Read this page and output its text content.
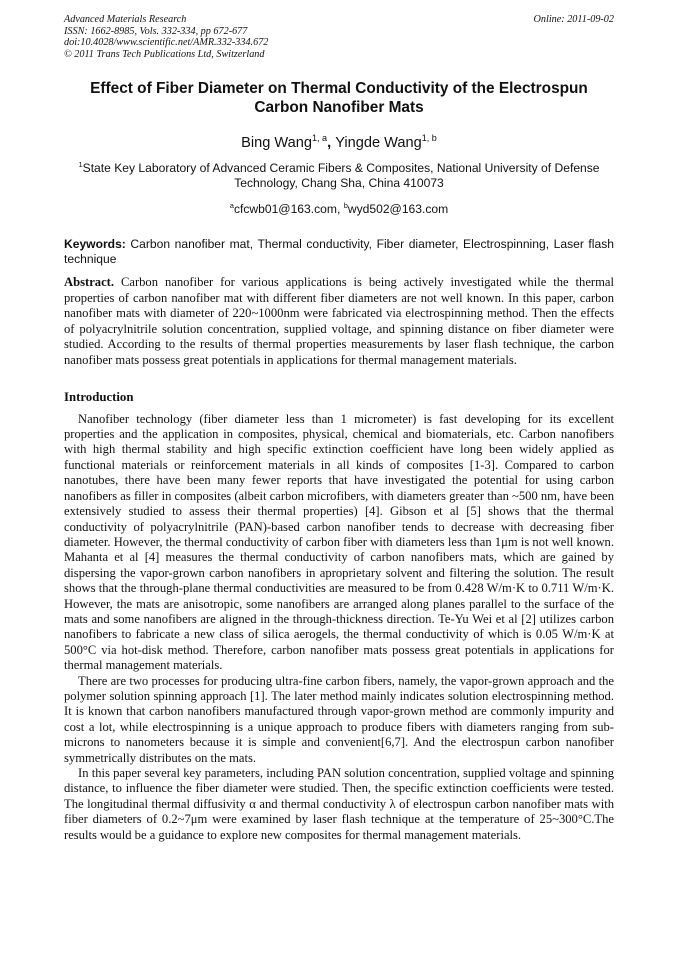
Advanced Materials Research
ISSN: 1662-8985, Vols. 332-334, pp 672-677
doi:10.4028/www.scientific.net/AMR.332-334.672
© 2011 Trans Tech Publications Ltd, Switzerland
Online: 2011-09-02
Effect of Fiber Diameter on Thermal Conductivity of the Electrospun Carbon Nanofiber Mats
Bing Wang$^{1, a}$, Yingde Wang$^{1, b}$
$^1$State Key Laboratory of Advanced Ceramic Fibers & Composites, National University of Defense Technology, Chang Sha, China 410073
$^a$cfcwb01@163.com, $^b$wyd502@163.com
Keywords: Carbon nanofiber mat, Thermal conductivity, Fiber diameter, Electrospinning, Laser flash technique
Abstract. Carbon nanofiber for various applications is being actively investigated while the thermal properties of carbon nanofiber mat with different fiber diameters are not well known. In this paper, carbon nanofiber mats with diameter of 220~1000nm were fabricated via electrospinning method. Then the effects of polyacrylnitrile solution concentration, supplied voltage, and spinning distance on fiber diameter were studied. According to the results of thermal properties measurements by laser flash technique, the carbon nanofiber mats possess great potentials in applications for thermal management materials.
Introduction

Nanofiber technology (fiber diameter less than 1 micrometer) is fast developing for its excellent properties and the application in composites, physical, chemical and biomaterials, etc. Carbon nanofibers with high thermal stability and high specific extinction coefficient have long been widely applied as functional materials or reinforcement materials in all kinds of composites [1-3]. Compared to carbon nanotubes, there have been many fewer reports that have investigated the potential for using carbon nanofibers as filler in composites (albeit carbon microfibers, with diameters greater than ~500 nm, have been extensively studied to assess their thermal properties) [4]. Gibson et al [5] shows that the thermal conductivity of polyacrylnitrile (PAN)-based carbon nanofiber tends to decrease with decreasing fiber diameter. However, the thermal conductivity of carbon fiber with diameters less than 1μm is not well known. Mahanta et al [4] measures the thermal conductivity of carbon nanofibers mats, which are gained by dispersing the vapor-grown carbon nanofibers in aproprietary solvent and filtering the solution. The result shows that the through-plane thermal conductivities are measured to be from 0.428 W/m·K to 0.711 W/m·K. However, the mats are anisotropic, some nanofibers are arranged along planes parallel to the surface of the mats and some nanofibers are aligned in the through-thickness direction. Te-Yu Wei et al [2] utilizes carbon nanofibers to fabricate a new class of silica aerogels, the thermal conductivity of which is 0.05 W/m·K at 500°C via hot-disk method. Therefore, carbon nanofiber mats possess great potentials in applications for thermal management materials.

There are two processes for producing ultra-fine carbon fibers, namely, the vapor-grown approach and the polymer solution spinning approach [1]. The later method mainly indicates solution electrospinning method. It is known that carbon nanofibers manufactured through vapor-grown method are commonly impurity and cost a lot, while electrospinning is a unique approach to produce fibers with diameters ranging from sub-microns to nanometers because it is simple and convenient[6,7]. And the electrospun carbon nanofiber symmetrically distributes on the mats.

In this paper several key parameters, including PAN solution concentration, supplied voltage and spinning distance, to influence the fiber diameter were studied. Then, the specific extinction coefficients were tested. The longitudinal thermal diffusivity α and thermal conductivity λ of electrospun carbon nanofiber mats with fiber diameters of 0.2~7μm were examined by laser flash technique at the temperature of 25~300°C.The results would be a guidance to explore new composites for thermal management materials.
